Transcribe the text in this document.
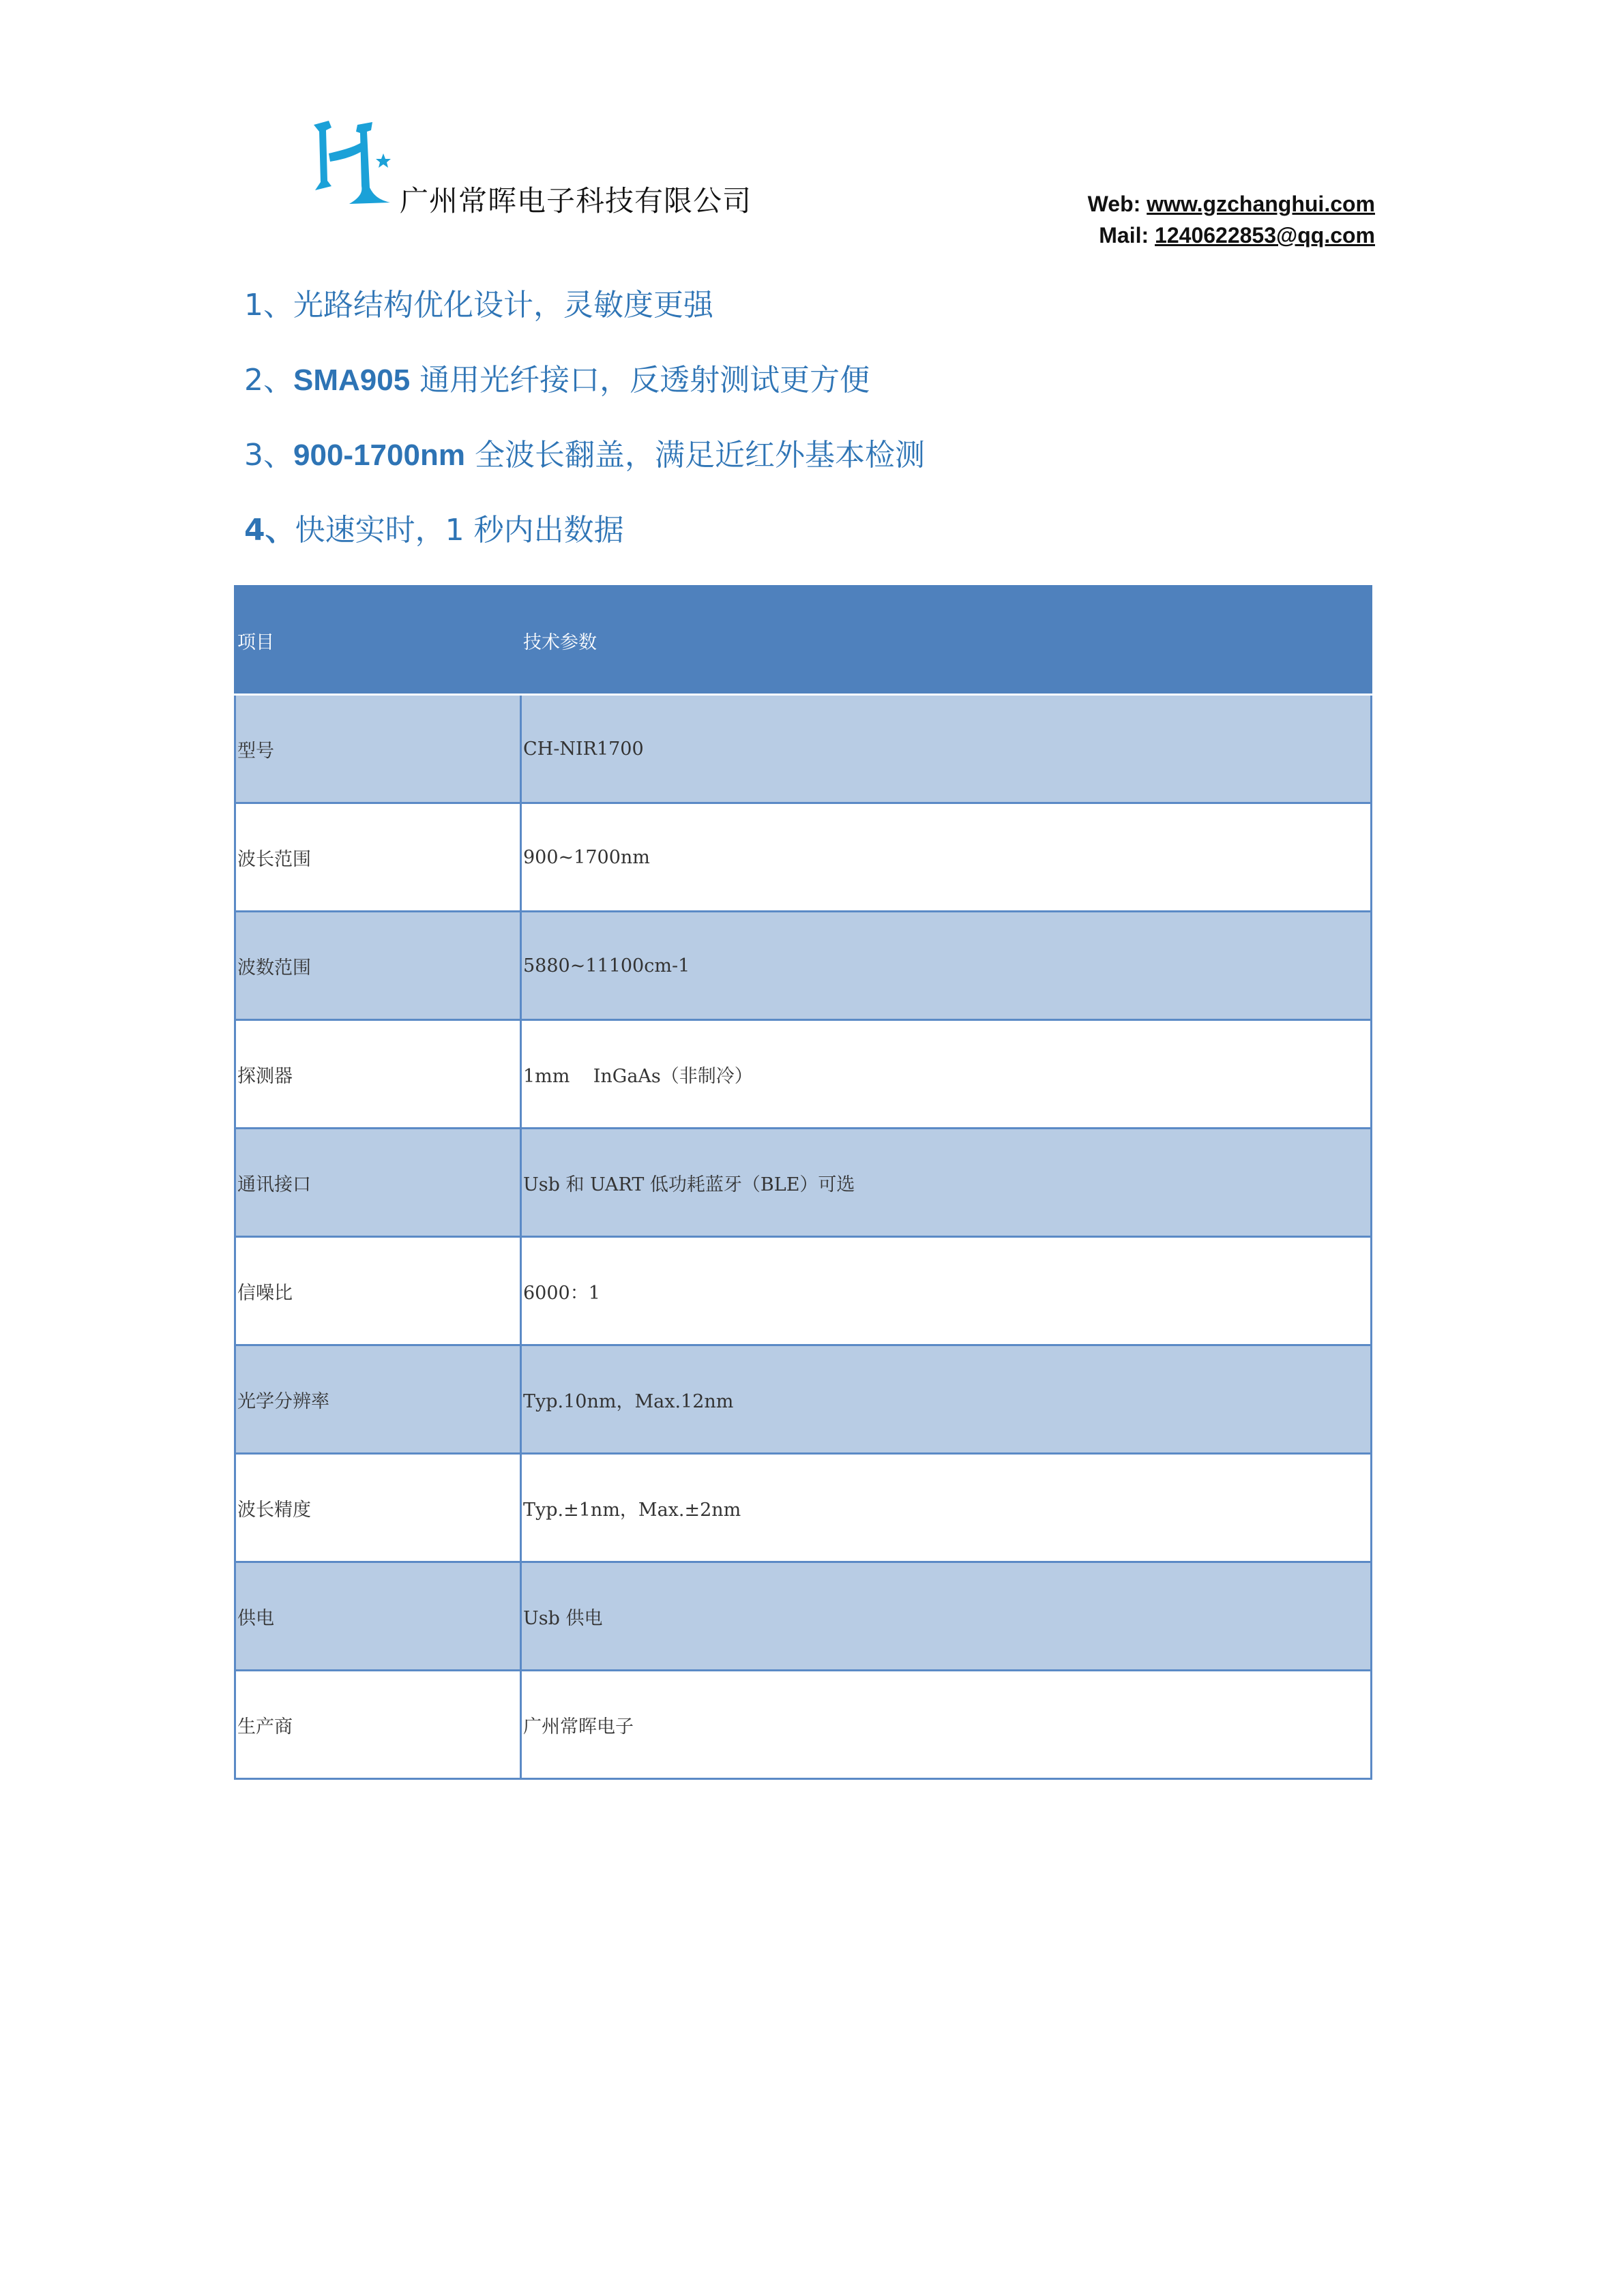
广州常晖电子科技有限公司	Web: www.gzchanghui.com
Mail: 1240622853@qq.com
1、光路结构优化设计，灵敏度更强
2、SMA905 通用光纤接口，反透射测试更方便
3、900-1700nm 全波长翻盖，满足近红外基本检测
4、快速实时，1 秒内出数据
项目	技术参数
型号	CH-NIR1700
波长范围	900~1700nm
波数范围	5880~11100cm-1
探测器	1mm    InGaAs（非制冷）
通讯接口	Usb 和 UART 低功耗蓝牙（BLE）可选
信噪比	6000：1
光学分辨率	Typ.10nm，Max.12nm
波长精度	Typ.±1nm，Max.±2nm
供电	Usb 供电
生产商	广州常晖电子
